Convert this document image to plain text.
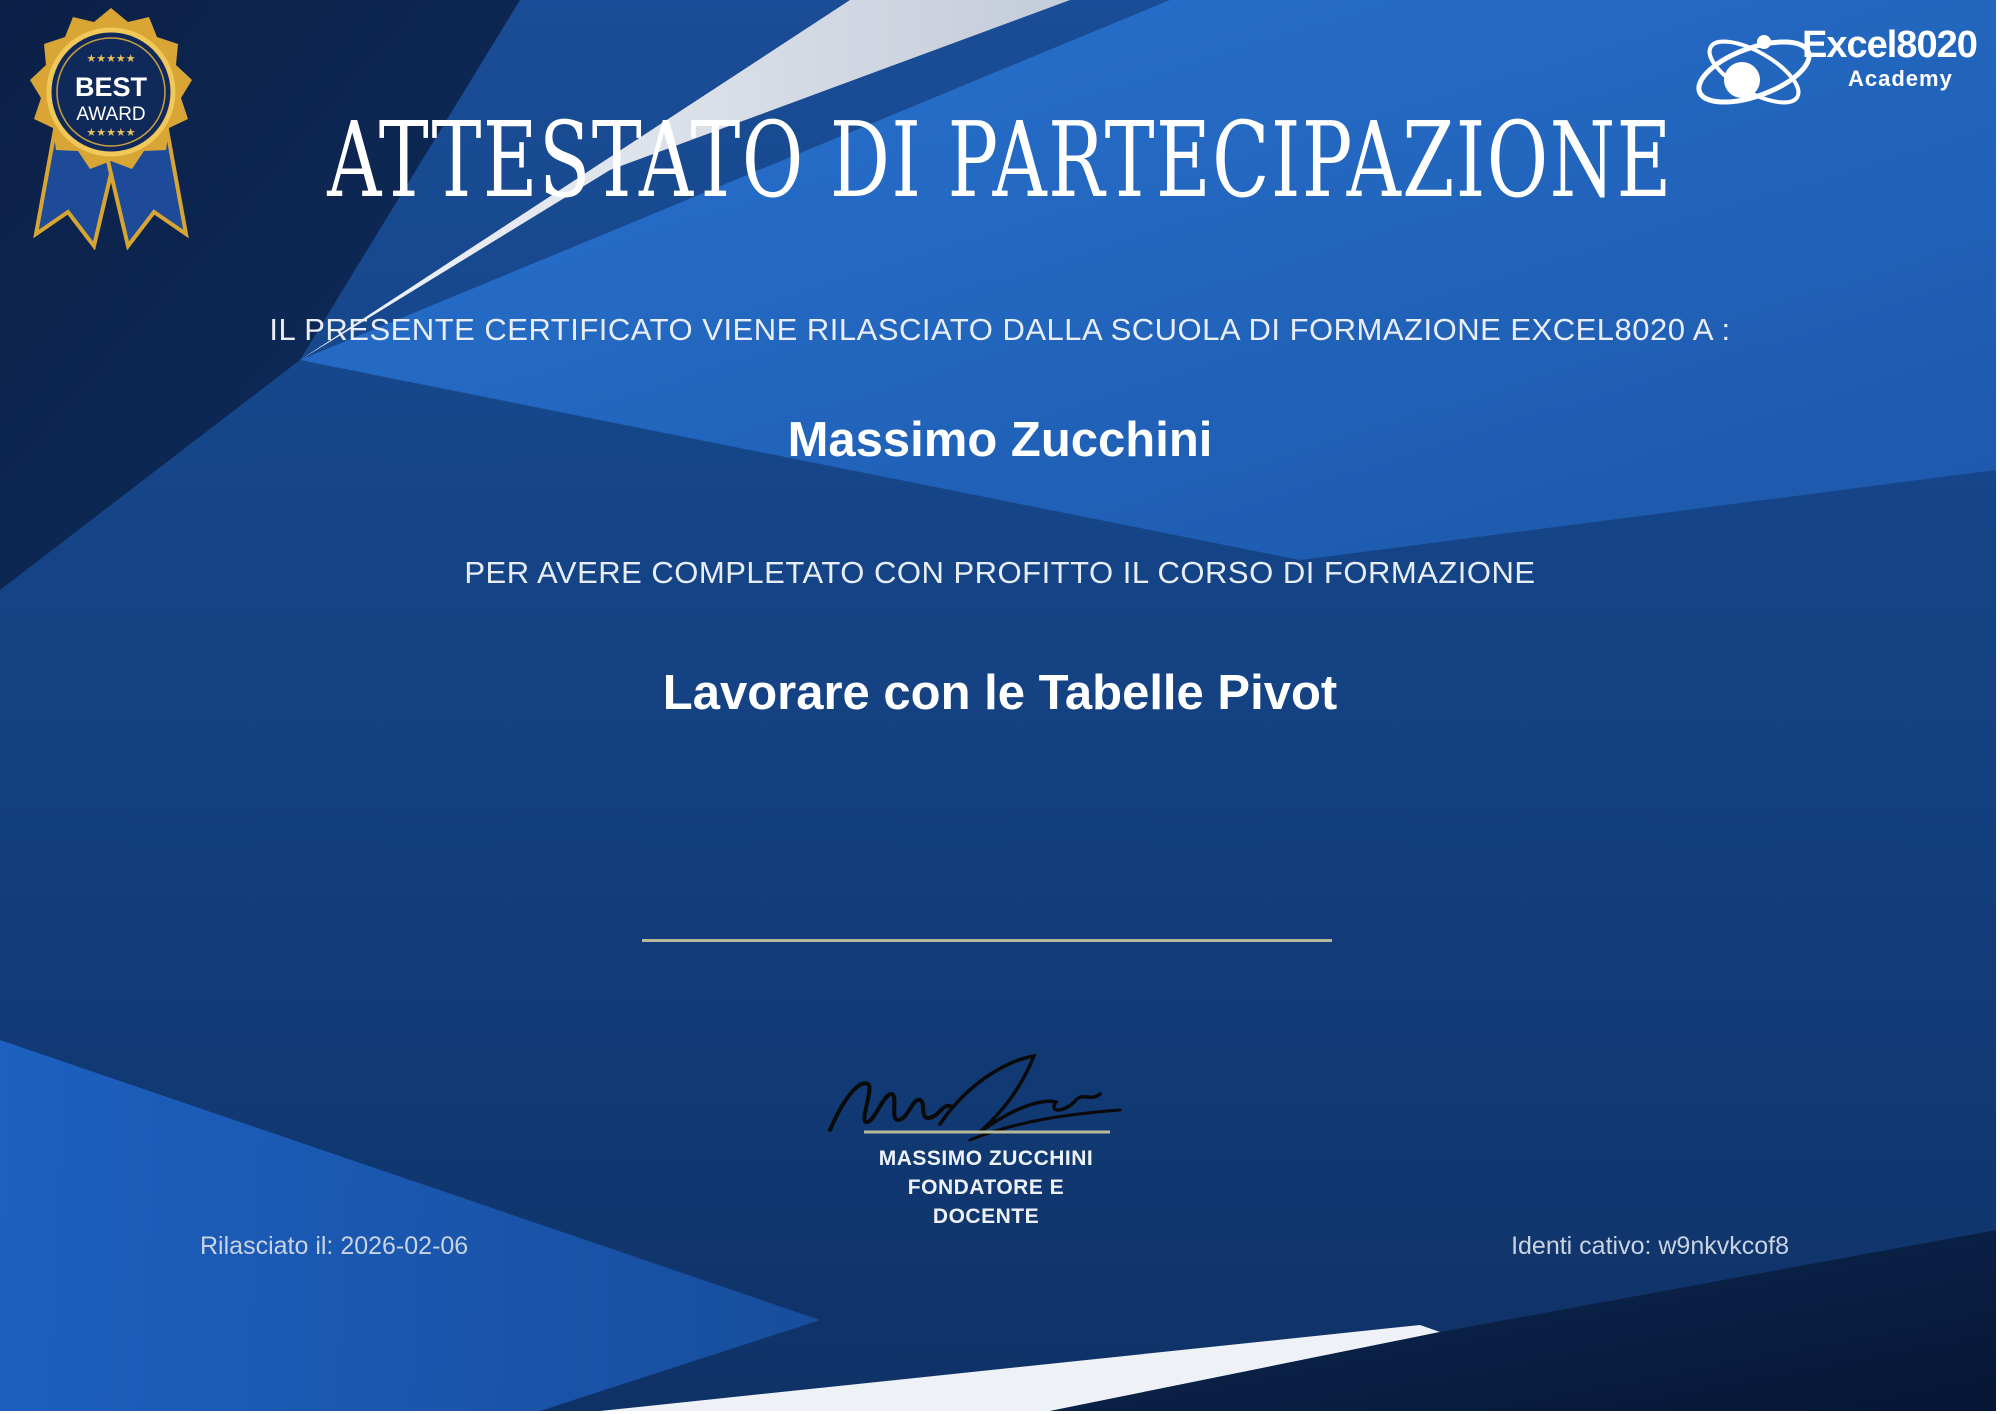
★★★★★
BEST
AWARD
★★★★★
Excel8020
Academy
ATTESTATO DI PARTECIPAZIONE
IL PRESENTE CERTIFICATO VIENE RILASCIATO DALLA SCUOLA DI FORMAZIONE EXCEL8020 A :
Massimo Zucchini
PER AVERE COMPLETATO CON PROFITTO IL CORSO DI FORMAZIONE
Lavorare con le Tabelle Pivot
MASSIMO ZUCCHINI
FONDATORE E
DOCENTE
Rilasciato il: 2026-02-06	Identi cativo: w9nkvkcof8
